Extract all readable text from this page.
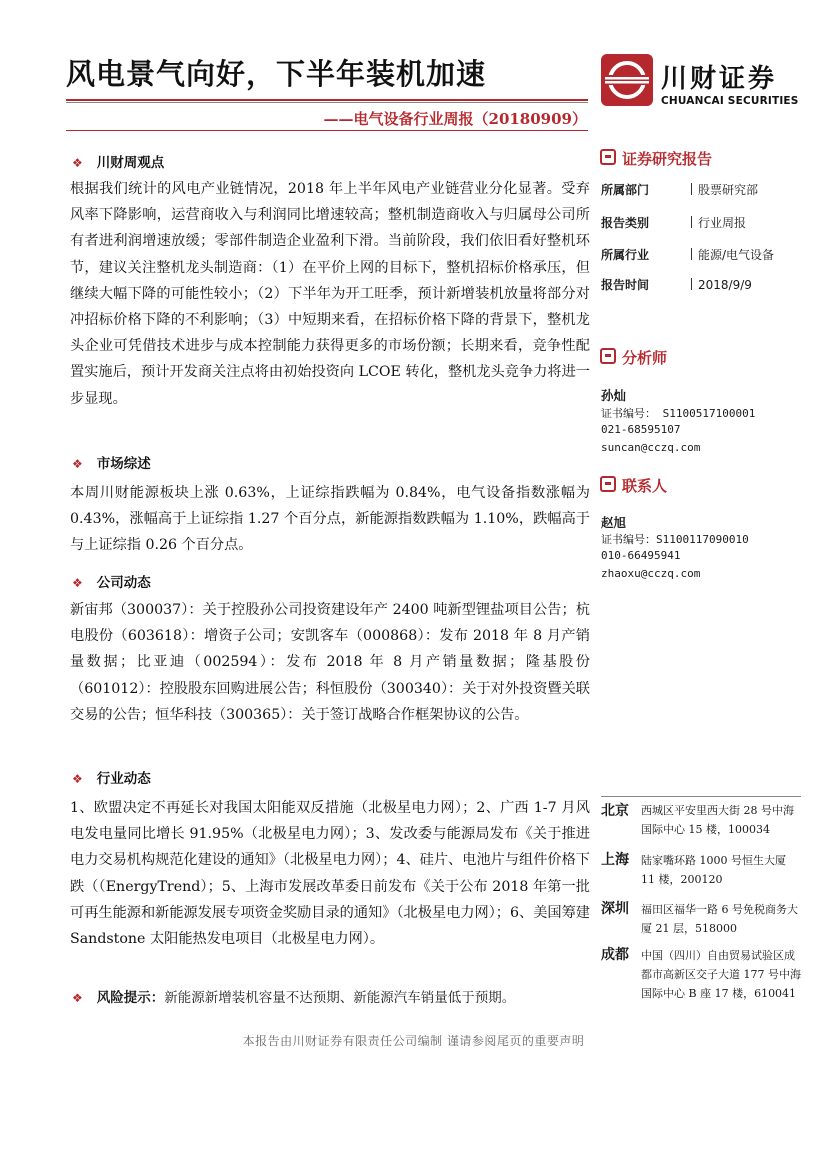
风电景气向好，下半年装机加速
——电气设备行业周报（20180909）
川财证券
CHUANCAI SECURITIES
❖ 川财周观点
根据我们统计的风电产业链情况，2018 年上半年风电产业链营业分化显著。受弃风率下降影响，运营商收入与利润同比增速较高；整机制造商收入与归属母公司所有者进利润增速放缓；零部件制造企业盈利下滑。当前阶段，我们依旧看好整机环节，建议关注整机龙头制造商：（1）在平价上网的目标下，整机招标价格承压，但继续大幅下降的可能性较小；（2）下半年为开工旺季，预计新增装机放量将部分对冲招标价格下降的不利影响；（3）中短期来看，在招标价格下降的背景下，整机龙头企业可凭借技术进步与成本控制能力获得更多的市场份额；长期来看，竞争性配置实施后，预计开发商关注点将由初始投资向 LCOE 转化，整机龙头竞争力将进一步显现。
❖ 市场综述
本周川财能源板块上涨 0.63%，上证综指跌幅为 0.84%，电气设备指数涨幅为 0.43%，涨幅高于上证综指 1.27 个百分点，新能源指数跌幅为 1.10%，跌幅高于与上证综指 0.26 个百分点。
❖ 公司动态
新宙邦（300037）：关于控股孙公司投资建设年产 2400 吨新型锂盐项目公告；杭电股份（603618）：增资子公司；安凯客车（000868）：发布 2018 年 8 月产销量数据；比亚迪（002594）：发布 2018 年 8 月产销量数据；隆基股份（601012）：控股股东回购进展公告；科恒股份（300340）：关于对外投资暨关联交易的公告；恒华科技（300365）：关于签订战略合作框架协议的公告。
❖ 行业动态
1、欧盟决定不再延长对我国太阳能双反措施（北极星电力网）；2、广西 1-7 月风电发电量同比增长 91.95%（北极星电力网）；3、发改委与能源局发布《关于推进电力交易机构规范化建设的通知》（北极星电力网）；4、硅片、电池片与组件价格下跌（（EnergyTrend）；5、上海市发展改革委日前发布《关于公布 2018 年第一批可再生能源和新能源发展专项资金奖励目录的通知》（北极星电力网）；6、美国筹建 Sandstone 太阳能热发电项目（北极星电力网）。
❖ 风险提示：新能源新增装机容量不达预期、新能源汽车销量低于预期。
证券研究报告
所属部门	股票研究部
报告类别	行业周报
所属行业	能源/电气设备
报告时间	2018/9/9
分析师
孙灿
证书编号： S1100517100001
021-68595107
suncan@cczq.com
联系人
赵旭
证书编号：S1100117090010
010-66495941
zhaoxu@cczq.com
北京 西城区平安里西大街 28 号中海国际中心 15 楼，100034
上海 陆家嘴环路 1000 号恒生大厦 11 楼，200120
深圳 福田区福华一路 6 号免税商务大厦 21 层，518000
成都 中国（四川）自由贸易试验区成都市高新区交子大道 177 号中海国际中心 B 座 17 楼，610041
本报告由川财证券有限责任公司编制 谨请参阅尾页的重要声明
